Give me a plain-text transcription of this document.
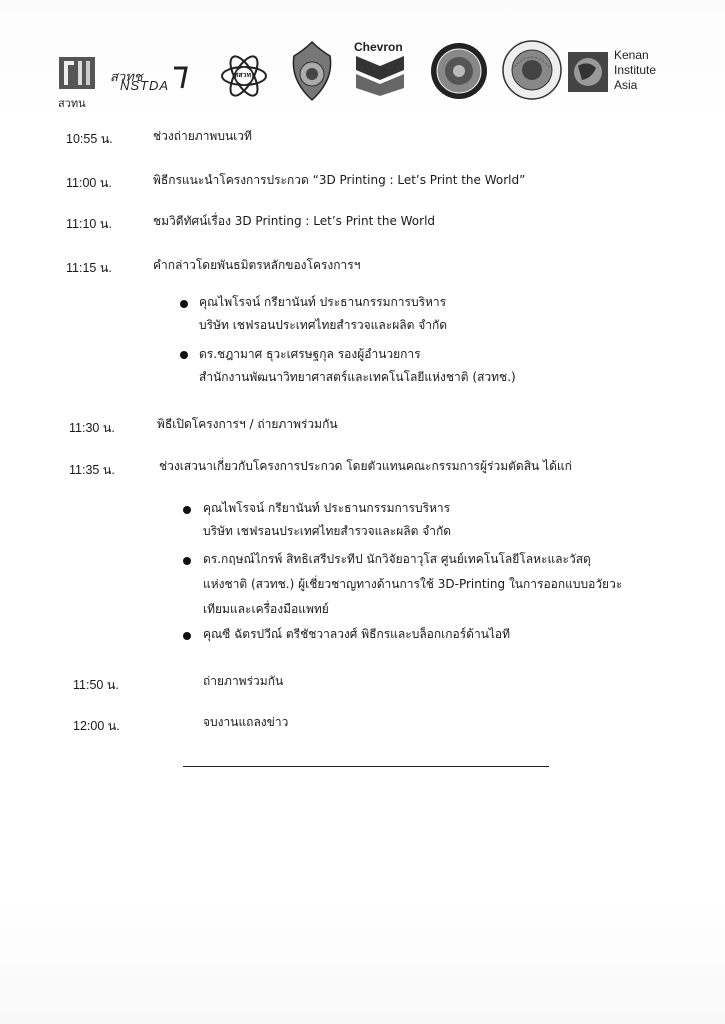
สวทน
สวทช
NSTDA
สสวท
Chevron
Kenan
Institute
Asia
10:55 น.	ช่วงถ่ายภาพบนเวที
11:00 น.	พิธีกรแนะนำโครงการประกวด “3D Printing : Let’s Print the World”
11:10 น.	ชมวิดีทัศน์เรื่อง 3D Printing : Let’s Print the World
11:15 น.	คำกล่าวโดยพันธมิตรหลักของโครงการฯ
คุณไพโรจน์ กรียานันท์ ประธานกรรมการบริหาร
บริษัท เชฟรอนประเทศไทยสำรวจและผลิต จำกัด
ดร.ชฎามาศ ธุวะเศรษฐกุล รองผู้อำนวยการ
สำนักงานพัฒนาวิทยาศาสตร์และเทคโนโลยีแห่งชาติ (สวทช.)
11:30 น.	พิธีเปิดโครงการฯ / ถ่ายภาพร่วมกัน
11:35 น.	ช่วงเสวนาเกี่ยวกับโครงการประกวด โดยตัวแทนคณะกรรมการผู้ร่วมตัดสิน ได้แก่
คุณไพโรจน์ กรียานันท์ ประธานกรรมการบริหาร
บริษัท เชฟรอนประเทศไทยสำรวจและผลิต จำกัด
ดร.กฤษณ์ไกรพ์ สิทธิเสรีประทีป นักวิจัยอาวุโส ศูนย์เทคโนโลยีโลหะและวัสดุ
แห่งชาติ (สวทช.) ผู้เชี่ยวชาญทางด้านการใช้ 3D-Printing ในการออกแบบอวัยวะ
เทียมและเครื่องมือแพทย์
คุณซี ฉัตรปวีณ์ ตรีชัชวาลวงศ์ พิธีกรและบล็อกเกอร์ด้านไอที
11:50 น.	ถ่ายภาพร่วมกัน
12:00 น.	จบงานแถลงข่าว
